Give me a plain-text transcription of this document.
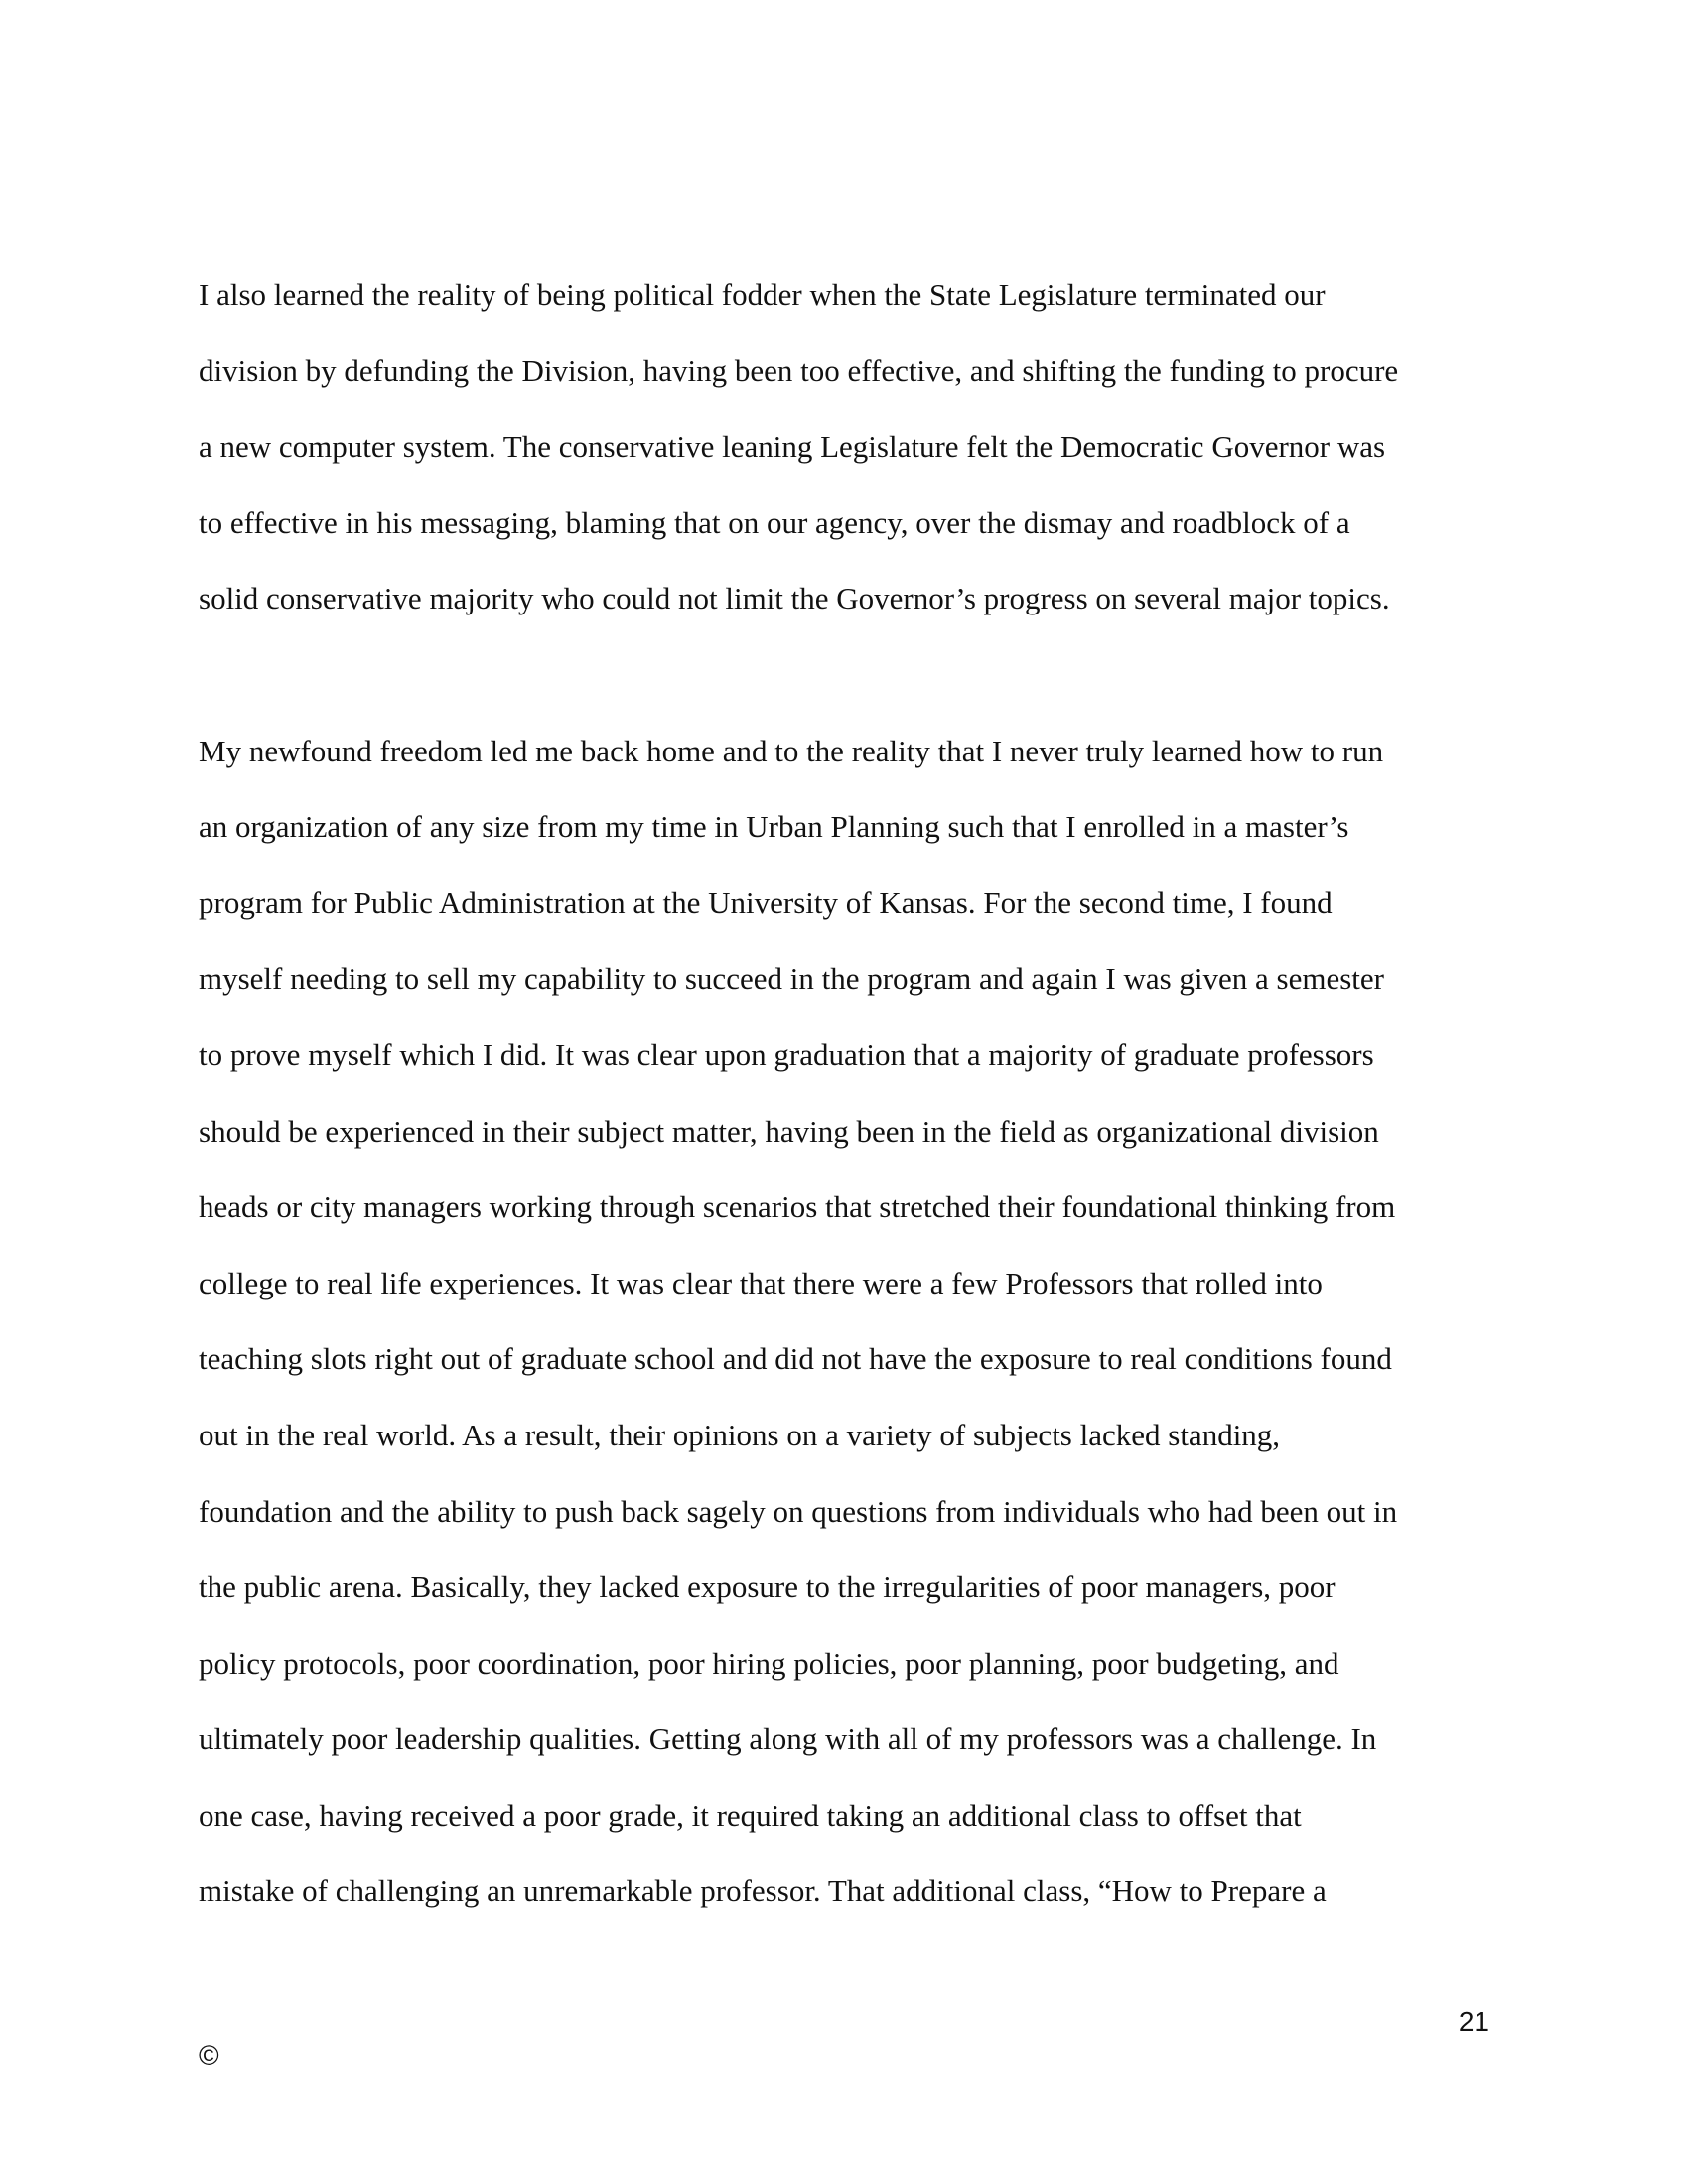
I also learned the reality of being political fodder when the State Legislature terminated our
division by defunding the Division, having been too effective, and shifting the funding to procure
a new computer system. The conservative leaning Legislature felt the Democratic Governor was
to effective in his messaging, blaming that on our agency, over the dismay and roadblock of a
solid conservative majority who could not limit the Governor’s progress on several major topics.
My newfound freedom led me back home and to the reality that I never truly learned how to run
an organization of any size from my time in Urban Planning such that I enrolled in a master’s
program for Public Administration at the University of Kansas. For the second time, I found
myself needing to sell my capability to succeed in the program and again I was given a semester
to prove myself which I did. It was clear upon graduation that a majority of graduate professors
should be experienced in their subject matter, having been in the field as organizational division
heads or city managers working through scenarios that stretched their foundational thinking from
college to real life experiences. It was clear that there were a few Professors that rolled into
teaching slots right out of graduate school and did not have the exposure to real conditions found
out in the real world. As a result, their opinions on a variety of subjects lacked standing,
foundation and the ability to push back sagely on questions from individuals who had been out in
the public arena. Basically, they lacked exposure to the irregularities of poor managers, poor
policy protocols, poor coordination, poor hiring policies, poor planning, poor budgeting, and
ultimately poor leadership qualities. Getting along with all of my professors was a challenge. In
one case, having received a poor grade, it required taking an additional class to offset that
mistake of challenging an unremarkable professor. That additional class, “How to Prepare a
21
©
